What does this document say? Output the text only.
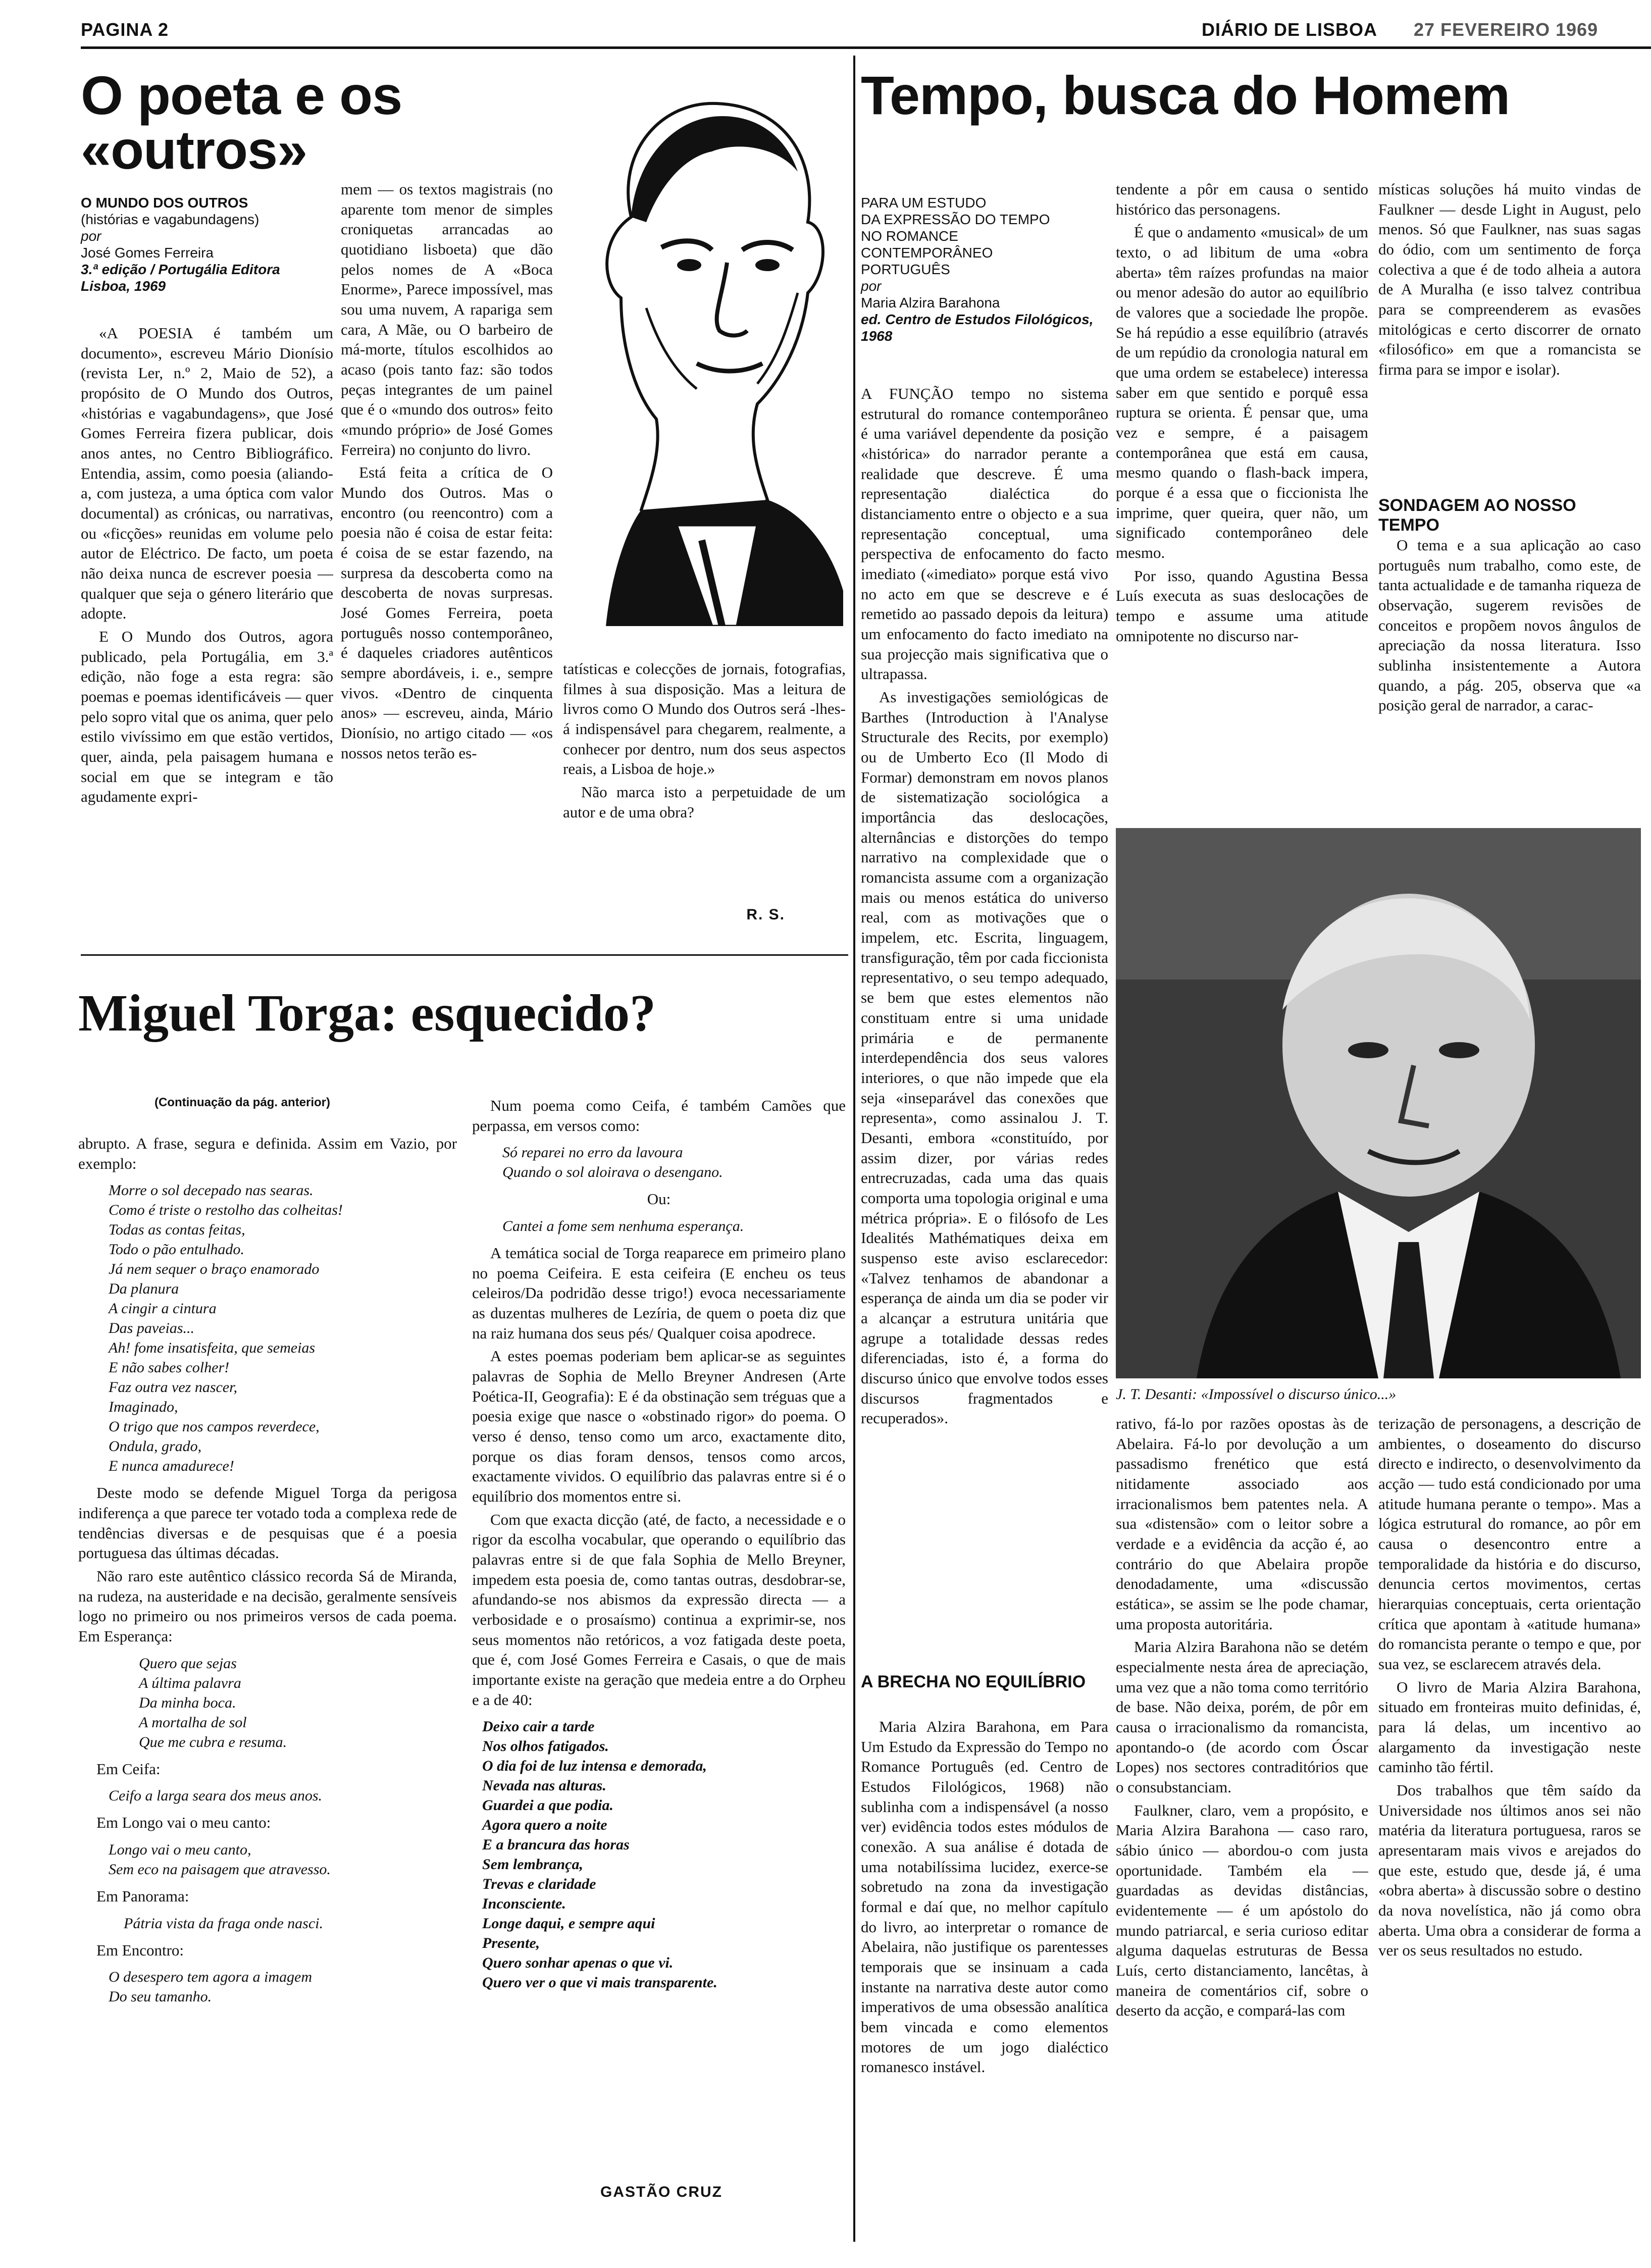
PAGINA 2	DIÁRIO DE LISBOA 27 FEVEREIRO 1969
O poeta e os «outros»
O MUNDO DOS OUTROS
(histórias e vagabundagens)
por
José Gomes Ferreira
3.ª edição / Portugália Editora Lisboa, 1969

«A POESIA é também um documento», escreveu Mário Dionísio (revista Ler, n.º 2, Maio de 52), a propósito de O Mundo dos Outros, «histórias e vagabundagens», que José Gomes Ferreira fizera publicar, dois anos antes, no Centro Bibliográfico. Entendia, assim, como poesia (aliando-a, com justeza, a uma óptica com valor documental) as crónicas, ou narrativas, ou «ficções» reunidas em volume pelo autor de Eléctrico. De facto, um poeta não deixa nunca de escrever poesia — qualquer que seja o género literário que adopte.

E O Mundo dos Outros, agora publicado, pela Portugália, em 3.ª edição, não foge a esta regra: são poemas e poemas identificáveis — quer pelo sopro vital que os anima, quer pelo estilo vivíssimo em que estão vertidos, quer, ainda, pela paisagem humana e social em que se integram e tão agudamente expri-

mem — os textos magistrais (no aparente tom menor de simples croniquetas arrancadas ao quotidiano lisboeta) que dão pelos nomes de A «Boca Enorme», Parece impossível, mas sou uma nuvem, A rapariga sem cara, A Mãe, ou O barbeiro de má-morte, títulos escolhidos ao acaso (pois tanto faz: são todos peças integrantes de um painel que é o «mundo dos outros» feito «mundo próprio» de José Gomes Ferreira) no conjunto do livro.

Está feita a crítica de O Mundo dos Outros. Mas o encontro (ou reencontro) com a poesia não é coisa de estar feita: é coisa de se estar fazendo, na surpresa da descoberta como na descoberta de novas surpresas. José Gomes Ferreira, poeta português nosso contemporâneo, é daqueles criadores autênticos sempre abordáveis, i. e., sempre vivos. «Dentro de cinquenta anos» — escreveu, ainda, Mário Dionísio, no artigo citado — «os nossos netos terão es-

tatísticas e colecções de jornais, fotografias, filmes à sua disposição. Mas a leitura de livros como O Mundo dos Outros será -lhes-á indispensável para chegarem, realmente, a conhecer por dentro, num dos seus aspectos reais, a Lisboa de hoje.»

Não marca isto a perpetuidade de um autor e de uma obra?

R. S.
Miguel Torga: esquecido?
(Continuação da pág. anterior)

abrupto. A frase, segura e definida. Assim em Vazio, por exemplo:

Morre o sol decepado nas searas.
Como é triste o restolho das colheitas!
Todas as contas feitas,
Todo o pão entulhado.
Já nem sequer o braço enamorado
Da planura
A cingir a cintura
Das paveias...
Ah! fome insatisfeita, que semeias
E não sabes colher!
Faz outra vez nascer,
Imaginado,
O trigo que nos campos reverdece,
Ondula, grado,
E nunca amadurece!

Deste modo se defende Miguel Torga da perigosa indiferença a que parece ter votado toda a complexa rede de tendências diversas e de pesquisas que é a poesia portuguesa das últimas décadas.

Não raro este autêntico clássico recorda Sá de Miranda, na rudeza, na austeridade e na decisão, geralmente sensíveis logo no primeiro ou nos primeiros versos de cada poema. Em Esperança:

Quero que sejas
A última palavra
Da minha boca.
A mortalha de sol
Que me cubra e resuma.

Em Ceifa:

Ceifo a larga seara dos meus anos.

Em Longo vai o meu canto:

Longo vai o meu canto,
Sem eco na paisagem que atravesso.

Em Panorama:

Pátria vista da fraga onde nasci.

Em Encontro:

O desespero tem agora a imagem
Do seu tamanho.

Num poema como Ceifa, é também Camões que perpassa, em versos como:

Só reparei no erro da lavoura
Quando o sol aloirava o desengano.

Ou:

Cantei a fome sem nenhuma esperança.

A temática social de Torga reaparece em primeiro plano no poema Ceifeira. E esta ceifeira (E encheu os teus celeiros/Da podridão desse trigo!) evoca necessariamente as duzentas mulheres de Lezíria, de quem o poeta diz que na raiz humana dos seus pés/ Qualquer coisa apodrece.

A estes poemas poderiam bem aplicar-se as seguintes palavras de Sophia de Mello Breyner Andresen (Arte Poética-II, Geografia): E é da obstinação sem tréguas que a poesia exige que nasce o «obstinado rigor» do poema. O verso é denso, tenso como um arco, exactamente dito, porque os dias foram densos, tensos como arcos, exactamente vividos. O equilíbrio das palavras entre si é o equilíbrio dos momentos entre si.

Com que exacta dicção (até, de facto, a necessidade e o rigor da escolha vocabular, que operando o equilíbrio das palavras entre si de que fala Sophia de Mello Breyner, impedem esta poesia de, como tantas outras, desdobrar-se, afundando-se nos abismos da expressão directa — a verbosidade e o prosaísmo) continua a exprimir-se, nos seus momentos não retóricos, a voz fatigada deste poeta, que é, com José Gomes Ferreira e Casais, o que de mais importante existe na geração que medeia entre a do Orpheu e a de 40:

Deixo cair a tarde
Nos olhos fatigados.
O dia foi de luz intensa e demorada,
Nevada nas alturas.
Guardei a que podia.
Agora quero a noite
E a brancura das horas
Sem lembrança,
Trevas e claridade
Inconsciente.
Longe daqui, e sempre aqui
Presente,
Quero sonhar apenas o que vi.
Quero ver o que vi mais transparente.
GASTÃO CRUZ
Tempo, busca do Homem
PARA UM ESTUDO
DA EXPRESSÃO DO TEMPO
NO ROMANCE
CONTEMPORÂNEO
PORTUGUÊS
por
Maria Alzira Barahona
ed. Centro de Estudos Filológicos, 1968

A FUNÇÃO tempo no sistema estrutural do romance contemporâneo é uma variável dependente da posição «histórica» do narrador perante a realidade que descreve. É uma representação dialéctica do distanciamento entre o objecto e a sua representação conceptual, uma perspectiva de enfocamento do facto imediato («imediato» porque está vivo no acto em que se descreve e é remetido ao passado depois da leitura) um enfocamento do facto imediato na sua projecção mais significativa que o ultrapassa.

As investigações semiológicas de Barthes (Introduction à l'Analyse Structurale des Recits, por exemplo) ou de Umberto Eco (Il Modo di Formar) demonstram em novos planos de sistematização sociológica a importância das deslocações, alternâncias e distorções do tempo narrativo na complexidade que o romancista assume com a organização mais ou menos estática do universo real, com as motivações que o impelem, etc. Escrita, linguagem, transfiguração, têm por cada ficcionista representativo, o seu tempo adequado, se bem que estes elementos não constituam entre si uma unidade primária e de permanente interdependência dos seus valores interiores, o que não impede que ela seja «inseparável das conexões que representa», como assinalou J. T. Desanti, embora «constituído, por assim dizer, por várias redes entrecruzadas, cada uma das quais comporta uma topologia original e uma métrica própria». E o filósofo de Les Idealités Mathématiques deixa em suspenso este aviso esclarecedor: «Talvez tenhamos de abandonar a esperança de ainda um dia se poder vir a alcançar a estrutura unitária que agrupe a totalidade dessas redes diferenciadas, isto é, a forma do discurso único que envolve todos esses discursos fragmentados e recuperados».

A BRECHA NO EQUILÍBRIO

Maria Alzira Barahona, em Para Um Estudo da Expressão do Tempo no Romance Português (ed. Centro de Estudos Filológicos, 1968) não sublinha com a indispensável (a nosso ver) evidência todos estes módulos de conexão. A sua análise é dotada de uma notabilíssima lucidez, exerce-se sobretudo na zona da investigação formal e daí que, no melhor capítulo do livro, ao interpretar o romance de Abelaira, não justifique os parentesses temporais que se insinuam a cada instante na narrativa deste autor como imperativos de uma obsessão analítica bem vincada e como elementos motores de um jogo dialéctico romanesco instável.

tendente a pôr em causa o sentido histórico das personagens.

É que o andamento «musical» de um texto, o ad libitum de uma «obra aberta» têm raízes profundas na maior ou menor adesão do autor ao equilíbrio de valores que a sociedade lhe propõe. Se há repúdio a esse equilíbrio (através de um repúdio da cronologia natural em que uma ordem se estabelece) interessa saber em que sentido e porquê essa ruptura se orienta. É pensar que, uma vez e sempre, é a paisagem contemporânea que está em causa, mesmo quando o flash-back impera, porque é a essa que o ficcionista lhe imprime, quer queira, quer não, um significado contemporâneo dele mesmo.

Por isso, quando Agustina Bessa Luís executa as suas deslocações de tempo e assume uma atitude omnipotente no discurso nar-

místicas soluções há muito vindas de Faulkner — desde Light in August, pelo menos. Só que Faulkner, nas suas sagas do ódio, com um sentimento de força colectiva a que é de todo alheia a autora de A Muralha (e isso talvez contribua para se compreenderem as evasões mitológicas e certo discorrer de ornato «filosófico» em que a romancista se firma para se impor e isolar).

SONDAGEM AO NOSSO TEMPO

O tema e a sua aplicação ao caso português num trabalho, como este, de tanta actualidade e de tamanha riqueza de observação, sugerem revisões de conceitos e propõem novos ângulos de apreciação da nossa literatura. Isso sublinha insistentemente a Autora quando, a pág. 205, observa que «a posição geral de narrador, a carac-

J. T. Desanti: «Impossível o discurso único...»

rativo, fá-lo por razões opostas às de Abelaira. Fá-lo por devolução a um passadismo frenético que está nitidamente associado aos irracionalismos bem patentes nela. A sua «distensão» com o leitor sobre a verdade e a evidência da acção é, ao contrário do que Abelaira propõe denodadamente, uma «discussão estática», se assim se lhe pode chamar, uma proposta autoritária.

Maria Alzira Barahona não se detém especialmente nesta área de apreciação, uma vez que a não toma como território de base. Não deixa, porém, de pôr em causa o irracionalismo da romancista, apontando-o (de acordo com Óscar Lopes) nos sectores contraditórios que o consubstanciam.

Faulkner, claro, vem a propósito, e Maria Alzira Barahona — caso raro, sábio único — abordou-o com justa oportunidade. Também ela — guardadas as devidas distâncias, evidentemente — é um apóstolo do mundo patriarcal, e seria curioso editar alguma daquelas estruturas de Bessa Luís, certo distanciamento, lancêtas, à maneira de comentários cif, sobre o deserto da acção, e compará-las com

terização de personagens, a descrição de ambientes, o doseamento do discurso directo e indirecto, o desenvolvimento da acção — tudo está condicionado por uma atitude humana perante o tempo». Mas a lógica estrutural do romance, ao pôr em causa o desencontro entre a temporalidade da história e do discurso, denuncia certos movimentos, certas hierarquias conceptuais, certa orientação crítica que apontam à «atitude humana» do romancista perante o tempo e que, por sua vez, se esclarecem através dela.

O livro de Maria Alzira Barahona, situado em fronteiras muito definidas, é, para lá delas, um incentivo ao alargamento da investigação neste caminho tão fértil.

Dos trabalhos que têm saído da Universidade nos últimos anos sei não matéria da literatura portuguesa, raros se apresentaram mais vivos e arejados do que este, estudo que, desde já, é uma «obra aberta» à discussão sobre o destino da nova novelística, não já como obra aberta. Uma obra a considerar de forma a ver os seus resultados no estudo.
